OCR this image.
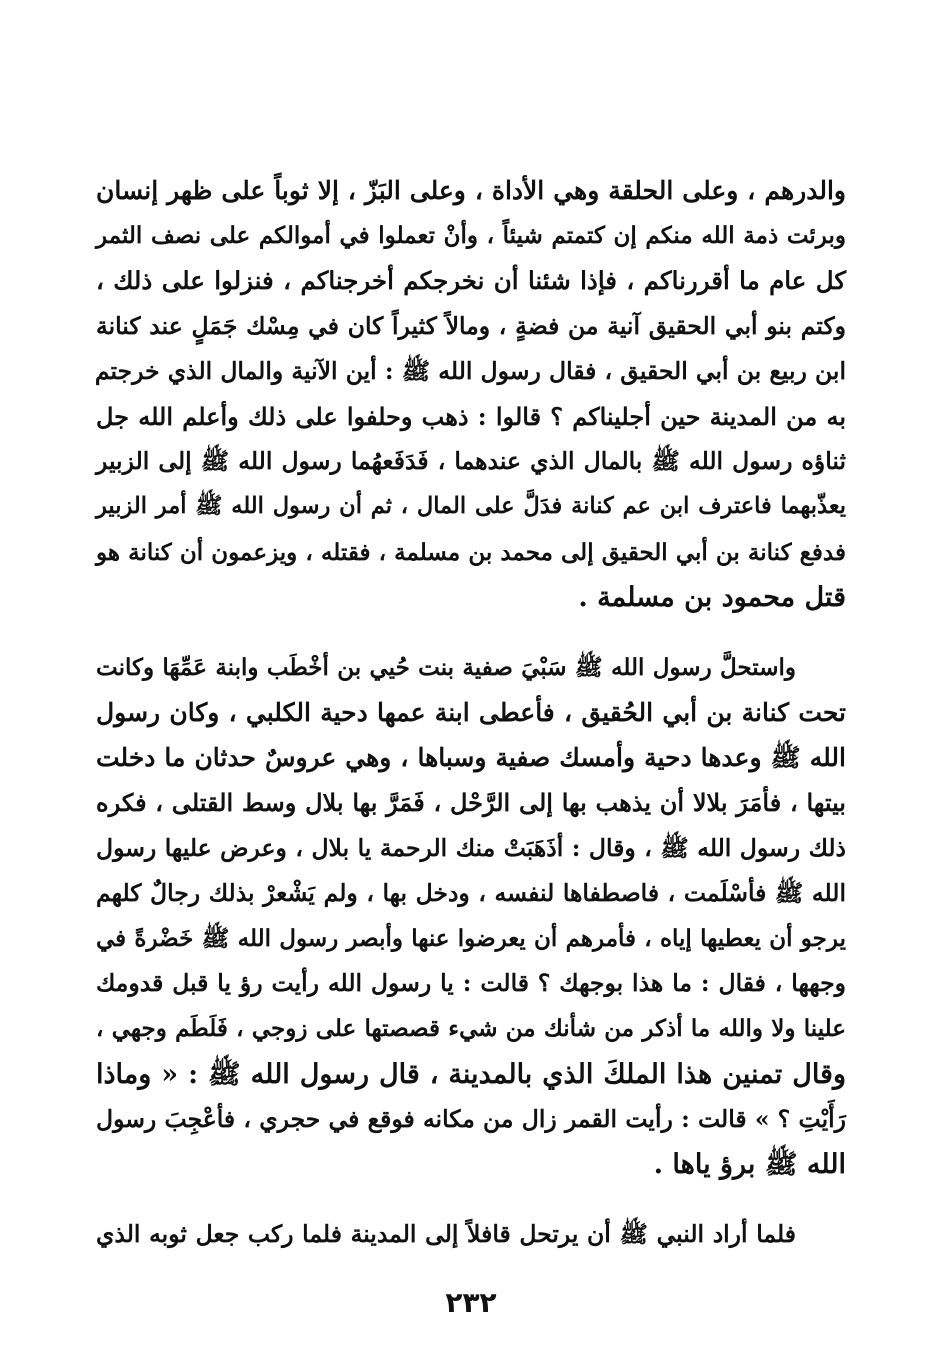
والدرهم ، وعلى الحلقة وهي الأداة ، وعلى البَزّ ، إلا ثوباً على ظهر إنسان
وبرئت ذمة الله منكم إن كتمتم شيئاً ، وأنْ تعملوا في أموالكم على نصف الثمر
كل عام ما أقررناكم ، فإذا شئنا أن نخرجكم أخرجناكم ، فنزلوا على ذلك ،
وكتم بنو أبي الحقيق آنية من فضةٍ ، ومالاً كثيراً كان في مِسْك جَمَلٍ عند كنانة
ابن ربيع بن أبي الحقيق ، فقال رسول الله ﷺ : أين الآنية والمال الذي خرجتم
به من المدينة حين أجليناكم ؟ قالوا : ذهب وحلفوا على ذلك وأعلم الله جل
ثناؤه رسول الله ﷺ بالمال الذي عندهما ، فَدَفَعهُما رسول الله ﷺ إلى الزبير
يعذّبهما فاعترف ابن عم كنانة فدَلَّ على المال ، ثم أن رسول الله ﷺ أمر الزبير
فدفع كنانة بن أبي الحقيق إلى محمد بن مسلمة ، فقتله ، ويزعمون أن كنانة هو
قتل محمود بن مسلمة .
واستحلَّ رسول الله ﷺ سَبْيَ صفية بنت حُيي بن أخْطَب وابنة عَمِّهَا وكانت
تحت كنانة بن أبي الحُقيق ، فأعطى ابنة عمها دحية الكلبي ، وكان رسول
الله ﷺ وعدها دحية وأمسك صفية وسباها ، وهي عروسٌ حدثان ما دخلت
بيتها ، فأمَرَ بلالا أن يذهب بها إلى الرَّحْل ، فَمَرَّ بها بلال وسط القتلى ، فكره
ذلك رسول الله ﷺ ، وقال : أذَهَبَتْ منك الرحمة يا بلال ، وعرض عليها رسول
الله ﷺ فأسْلَمت ، فاصطفاها لنفسه ، ودخل بها ، ولم يَشْعرْ بذلك رجالٌ كلهم
يرجو أن يعطيها إياه ، فأمرهم أن يعرضوا عنها وأبصر رسول الله ﷺ خَضْرةً في
وجهها ، فقال : ما هذا بوجهك ؟ قالت : يا رسول الله رأيت رؤ يا قبل قدومك
علينا ولا والله ما أذكر من شأنك من شيء قصصتها على زوجي ، فَلَطَم وجهي ،
وقال تمنين هذا الملكَ الذي بالمدينة ، قال رسول الله ﷺ : « وماذا
رَأَيْتِ ؟ » قالت : رأيت القمر زال من مكانه فوقع في حجري ، فأعْجِبَ رسول
الله ﷺ برؤ ياها .
فلما أراد النبي ﷺ أن يرتحل قافلاً إلى المدينة فلما ركب جعل ثوبه الذي
٢٣٢
